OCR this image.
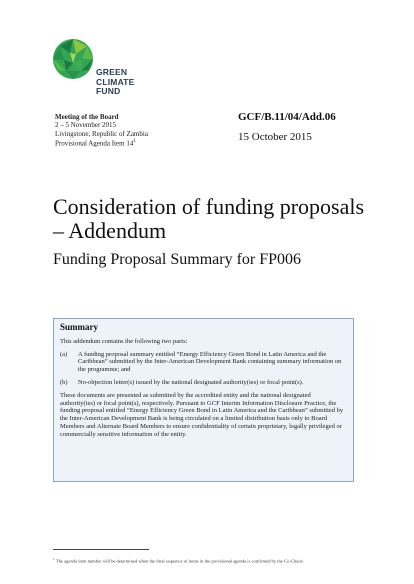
GREEN
CLIMATE
FUND
Meeting of the Board
2 – 5 November 2015
Livingstone, Republic of Zambia
Provisional Agenda Item $14^1$
GCF/B.11/04/Add.06
15 October 2015
Consideration of funding proposals – Addendum
Funding Proposal Summary for FP006
Summary

This addendum contains the following two parts:

(a)	A funding proposal summary entitled “Energy Efficiency Green Bond in Latin America and the Caribbean” submitted by the Inter-American Development Bank containing summary information on the programme; and
(b)	No-objection letter(s) issued by the national designated authority(ies) or focal point(s).

These documents are presented as submitted by the accredited entity and the national designated authority(ies) or focal point(s), respectively. Pursuant to GCF Interim Information Disclosure Practice, the funding proposal entitled “Energy Efficiency Green Bond in Latin America and the Caribbean” submitted by the Inter-American Development Bank is being circulated on a limited distribution basis only to Board Members and Alternate Board Members to ensure confidentiality of certain proprietary, legally privileged or commercially sensitive information of the entity.

$^1$ The agenda item number will be determined when the final sequence of items in the provisional agenda is confirmed by the Co-Chairs.
